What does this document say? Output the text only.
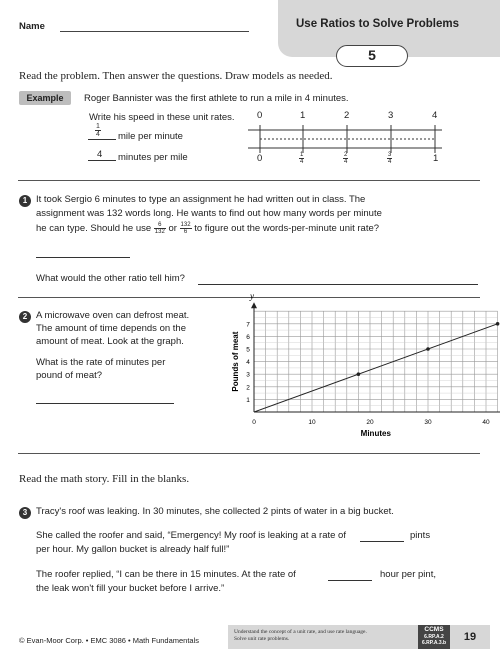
Use Ratios to Solve Problems
5
Name
Read the problem. Then answer the questions. Draw models as needed.
Example	Roger Bannister was the first athlete to run a mile in 4 minutes.
Write his speed in these unit rates.
$\frac{1}{4}$ mile per minute
4 minutes per mile
0	1	2	3	4
0	$\frac{1}{4}$	$\frac{2}{4}$	$\frac{3}{4}$	1
1 It took Sergio 6 minutes to type an assignment he had written out in class. The
assignment was 132 words long. He wants to find out how many words per minute
he can type. Should he use $\frac{6}{132}$ or $\frac{132}{6}$ to figure out the words-per-minute unit rate?
What would the other ratio tell him?
2 A microwave oven can defrost meat.
The amount of time depends on the
amount of meat. Look at the graph.
What is the rate of minutes per
pound of meat?
y
0	10	20	30	40
1
2
3
4
5
6
7
Minutes
Pounds of meat
Read the math story. Fill in the blanks.
3 Tracy's roof was leaking. In 30 minutes, she collected 2 pints of water in a big bucket.
She called the roofer and said, “Emergency! My roof is leaking at a rate of	pints
per hour. My gallon bucket is already half full!”
The roofer replied, “I can be there in 15 minutes. At the rate of	hour per pint,
the leak won't fill your bucket before I arrive.”
© Evan-Moor Corp. • EMC 3086 • Math Fundamentals
Understand the concept of a unit rate, and use rate language.
Solve unit rate problems.
CCMS
6.RP.A.2
6.RP.A.3.b	19
